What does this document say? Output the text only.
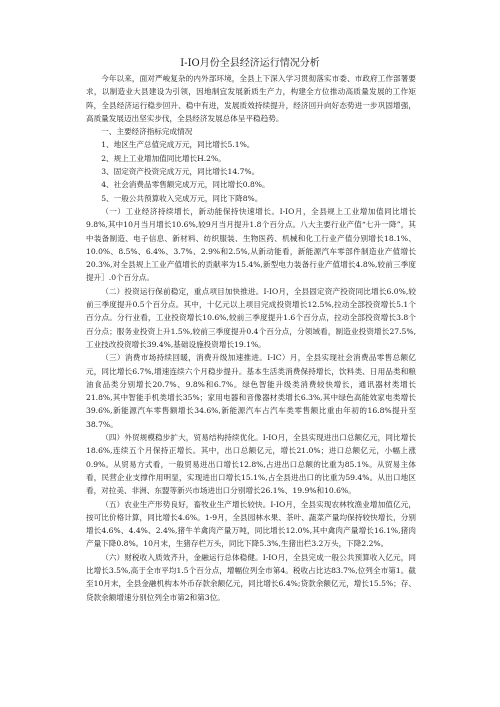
I-IO月份全县经济运行情况分析

今年以来，面对严峻复杂的内外部环境，全县上下深入学习贯彻落实市委、市政府工作部署要求，以制造业大县建设为引领，因地制宜发展新质生产力，构建全方位推动高质量发展的工作矩阵，全县经济运行稳步回升、稳中有进，发展质效持续提升，经济回升向好态势进一步巩固增强，高质量发展迈出坚实步伐，全县经济发展总体呈平稳趋势。

一、主要经济指标完成情况

1、地区生产总值完成万元，同比增长5.1%。

2、规上工业增加值同比增长H.2%。

3、固定资产投资完成万元，同比增长14.7%。

4、社会消费品零售额完成万元，同比增长0.8%。

5、一般公共预算收入完成万元，同比下降8%。

（一）工业经济持续增长，新动能保持快速增长。I-IO月，全县规上工业增加值同比增长9.8%,其中10月当月增长10.6%,较9月当月提升1.8个百分点。八大主要行业产值“七升一降”，其中装备制造、电子信息、新材料、纺织服装、生物医药、机械和化工行业产值分别增长18.1%、10.0%、8.5%、6.4%、3.7%、2.9%和2.5%,从新动能看，新能源汽车零部件制造业产值增长20.3%,对全县规上工业产值增长的贡献率为15.4%,新型电力装备行业产值增长4.8%,较前三季度提升］.0个百分点。

（二）投资运行保前稳定，重点项目加快推进。I-IO月，全县固定资产投资同比增长6.0%,较前三季度提升0.5个百分点。其中，十亿元以上项目完成投资增长12.5%,拉动全部投资增长5.1个百分点。分行业看，工业投资增长10.6%,较前三季度提升1.6个百分点，拉动全部投资增长3.8个百分点；服务业投资上升1.5%,较前三季度提升0.4个百分点，分领域看，制造业投资增长27.5%,工业技改投资增长39.4%,基础设施投资增长19.1%。

（三）消费市场持续回暖，消费升级加速推进。I-IC）月，全县实现社会消费品零售总额亿元，同比增长6.7%,增速连续六个月稳步提升。基本生活类消费保持增长，饮料类、日用品类和粮油食品类分别增长20.7%、9.8%和6.7%。绿色智能升级类消费较快增长，通讯器材类增长21.8%,其中智能手机类增长35%；家用电器和音像器材类增长6.3%,其中绿色高能效家电类增长39.6%,新能源汽车零售额增长34.6%,新能源汽车占汽车类零售额比重由年初的16.8%提升至38.7%。

（四）外贸规模稳步扩大，贸易结构持续优化。I-IO月，全县实现进出口总额亿元，同比增长18.6%,连续五个月保持正增长。其中，出口总额亿元，增长21.0%；进口总额亿元，小幅上涨0.9%。从贸易方式看，一般贸易进出口增长12.8%,占进出口总额的比重为85.1%。从贸易主体看，民营企业支撑作用明显，实现进出口增长15.1%,占全县进出口的比重为59.4%。从出口地区看，对拉美、非洲、东盟等新兴市场进出口分别增长26.1%、19.9%和10.6%。

（五）农业生产形势良好，畜牧业生产增长较快。I-IO月，全县实现农林牧渔业增加值亿元，按可比价格计算，同比增长4.6%。1-9月，全县园林水果、茶叶、蔬菜产量均保持较快增长，分别增长4.6%、4.4%、2.4%,猪牛羊禽肉产量万吨，同比增长12.0%,其中禽肉产量增长16.1%,猪肉产量下降0.8%。10月末，生猪存栏万头，同比下降5.3%,生猪出栏3.2万头，下降2.2%。

（六）财税收入质效齐升，金融运行总体稳健。I-IO月，全县完成一般公共预算收入亿元，同比增长3.5%,高于全市平均1.5个百分点，增幅位列全市第4。税收占比达83.7%,位列全市第1。截至10月末，全县金融机构本外币存款余额亿元，同比增长6.4%;贷款余额亿元，增长15.5%；存、贷款余额增速分别位列全市第2和第3位。
